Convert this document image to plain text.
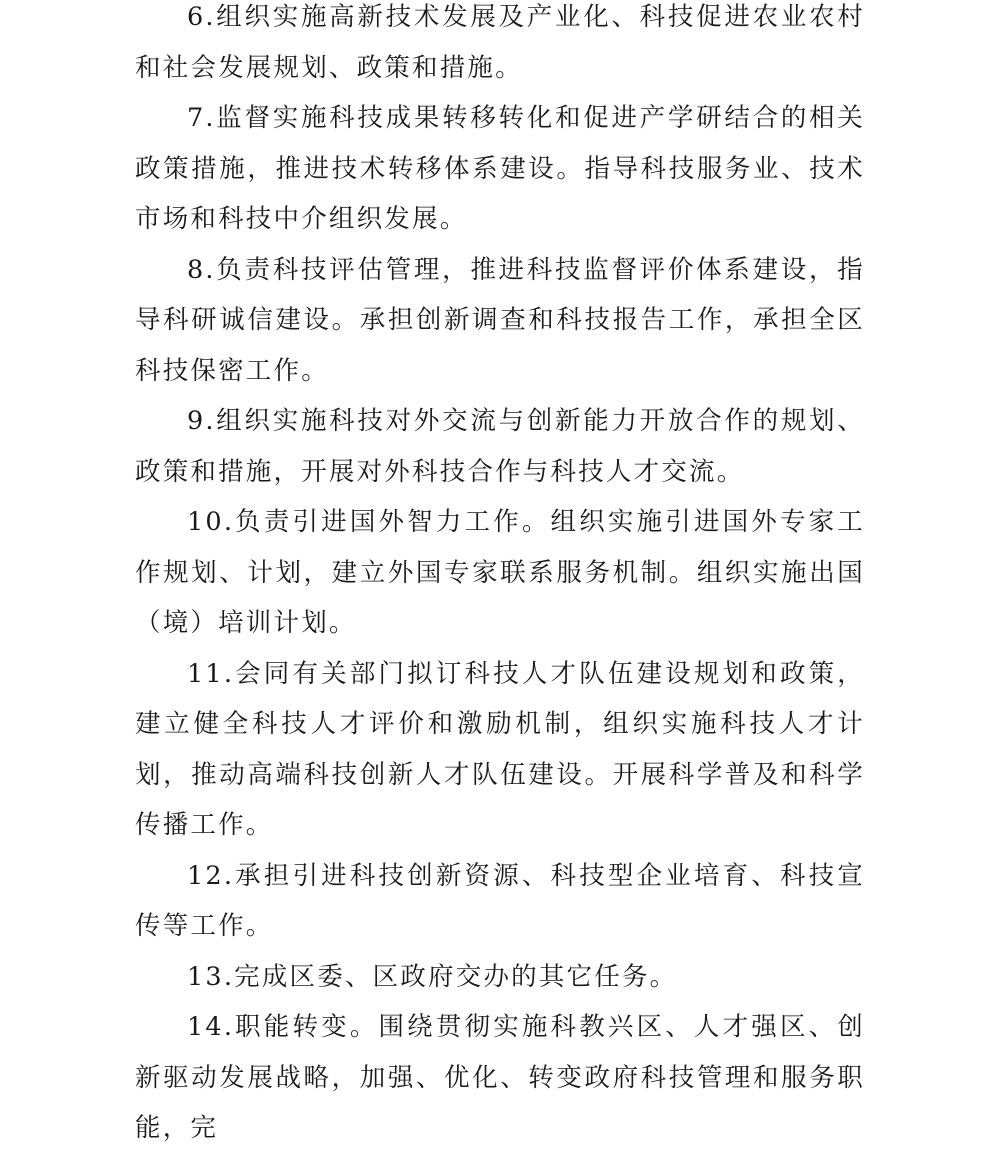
6.组织实施高新技术发展及产业化、科技促进农业农村和社会发展规划、政策和措施。

7.监督实施科技成果转移转化和促进产学研结合的相关政策措施，推进技术转移体系建设。指导科技服务业、技术市场和科技中介组织发展。

8.负责科技评估管理，推进科技监督评价体系建设，指导科研诚信建设。承担创新调查和科技报告工作，承担全区科技保密工作。

9.组织实施科技对外交流与创新能力开放合作的规划、政策和措施，开展对外科技合作与科技人才交流。

10.负责引进国外智力工作。组织实施引进国外专家工作规划、计划，建立外国专家联系服务机制。组织实施出国（境）培训计划。

11.会同有关部门拟订科技人才队伍建设规划和政策，建立健全科技人才评价和激励机制，组织实施科技人才计划，推动高端科技创新人才队伍建设。开展科学普及和科学传播工作。

12.承担引进科技创新资源、科技型企业培育、科技宣传等工作。

13.完成区委、区政府交办的其它任务。

14.职能转变。围绕贯彻实施科教兴区、人才强区、创新驱动发展战略，加强、优化、转变政府科技管理和服务职能，完
